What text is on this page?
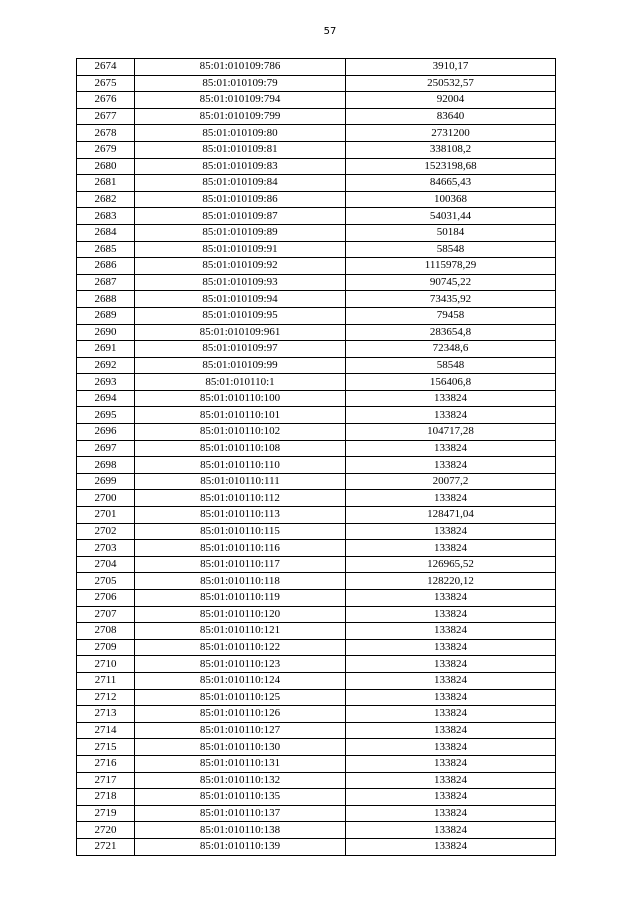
57
2674	85:01:010109:786	3910,17
2675	85:01:010109:79	250532,57
2676	85:01:010109:794	92004
2677	85:01:010109:799	83640
2678	85:01:010109:80	2731200
2679	85:01:010109:81	338108,2
2680	85:01:010109:83	1523198,68
2681	85:01:010109:84	84665,43
2682	85:01:010109:86	100368
2683	85:01:010109:87	54031,44
2684	85:01:010109:89	50184
2685	85:01:010109:91	58548
2686	85:01:010109:92	1115978,29
2687	85:01:010109:93	90745,22
2688	85:01:010109:94	73435,92
2689	85:01:010109:95	79458
2690	85:01:010109:961	283654,8
2691	85:01:010109:97	72348,6
2692	85:01:010109:99	58548
2693	85:01:010110:1	156406,8
2694	85:01:010110:100	133824
2695	85:01:010110:101	133824
2696	85:01:010110:102	104717,28
2697	85:01:010110:108	133824
2698	85:01:010110:110	133824
2699	85:01:010110:111	20077,2
2700	85:01:010110:112	133824
2701	85:01:010110:113	128471,04
2702	85:01:010110:115	133824
2703	85:01:010110:116	133824
2704	85:01:010110:117	126965,52
2705	85:01:010110:118	128220,12
2706	85:01:010110:119	133824
2707	85:01:010110:120	133824
2708	85:01:010110:121	133824
2709	85:01:010110:122	133824
2710	85:01:010110:123	133824
2711	85:01:010110:124	133824
2712	85:01:010110:125	133824
2713	85:01:010110:126	133824
2714	85:01:010110:127	133824
2715	85:01:010110:130	133824
2716	85:01:010110:131	133824
2717	85:01:010110:132	133824
2718	85:01:010110:135	133824
2719	85:01:010110:137	133824
2720	85:01:010110:138	133824
2721	85:01:010110:139	133824
